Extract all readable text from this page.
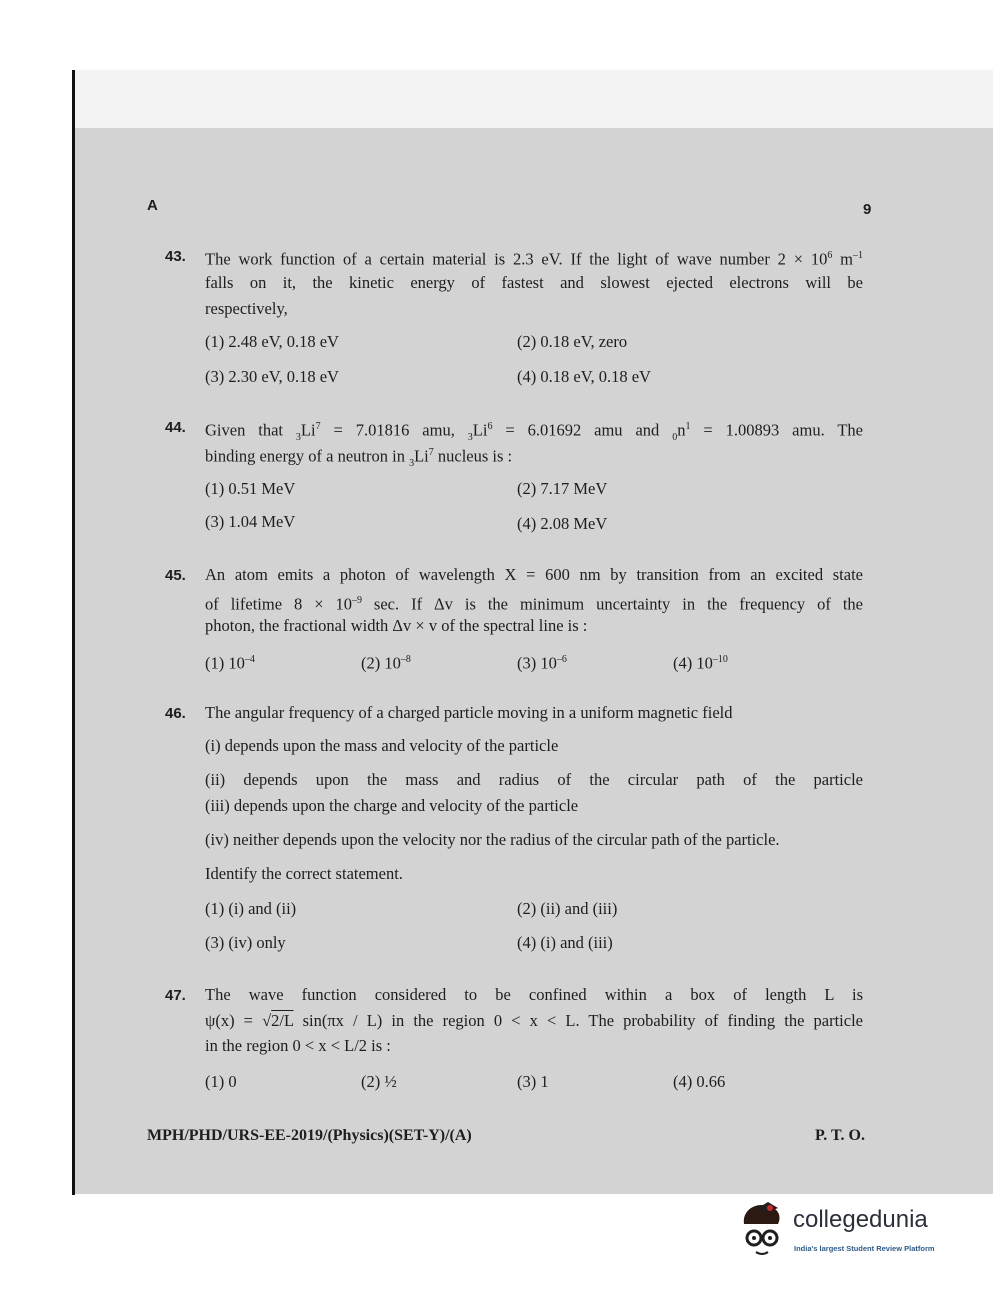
A	9
43. The work function of a certain material is 2.3 eV. If the light of wave number $2 \times 10^6$ $m^{-1}$
falls on it, the kinetic energy of fastest and slowest ejected electrons will be
respectively,
(1) 2.48 eV, 0.18 eV	(2) 0.18 eV, zero
(3) 2.30 eV, 0.18 eV	(4) 0.18 eV, 0.18 eV
44. Given that $_3Li^7 = 7.01816$ amu, $_3Li^6 = 6.01692$ amu and $_0n^1 = 1.00893$ amu. The
binding energy of a neutron in $_3Li^7$ nucleus is :
(1) 0.51 MeV	(2) 7.17 MeV
(3) 1.04 MeV	(4) 2.08 MeV
45. An atom emits a photon of wavelength X = 600 nm by transition from an excited state
of lifetime $8 \times 10^{-9}$ sec. If Δv is the minimum uncertainty in the frequency of the
photon, the fractional width Δv × v of the spectral line is :
(1) $10^{-4}$	(2) $10^{-8}$	(3) $10^{-6}$	(4) $10^{-10}$
46. The angular frequency of a charged particle moving in a uniform magnetic field
(i) depends upon the mass and velocity of the particle
(ii) depends upon the mass and radius of the circular path of the particle
(iii) depends upon the charge and velocity of the particle
(iv) neither depends upon the velocity nor the radius of the circular path of the particle.
Identify the correct statement.
(1) (i) and (ii)	(2) (ii) and (iii)
(3) (iv) only	(4) (i) and (iii)
47. The wave function considered to be confined within a box of length L is
ψ(x) = √2/L sin(πx / L) in the region 0 < x < L. The probability of finding the particle
in the region 0 < x < L/2 is :
(1) 0	(2) ½	(3) 1	(4) 0.66
MPH/PHD/URS-EE-2019/(Physics)(SET-Y)/(A)	P. T. O.
collegedunia
India's largest Student Review Platform
